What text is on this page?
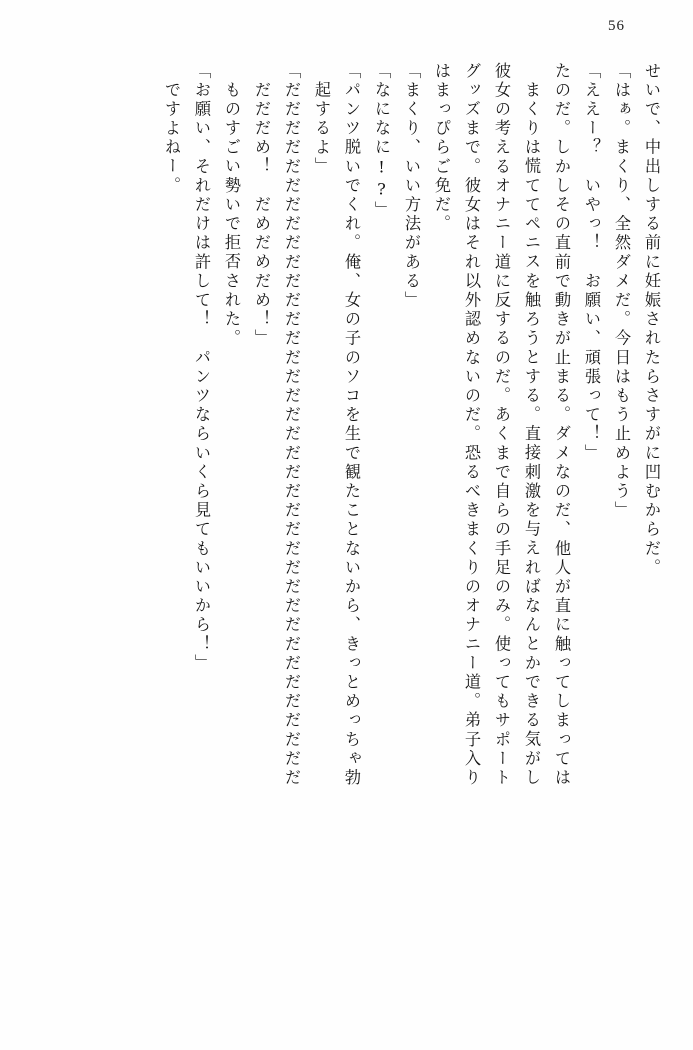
56
せいで、中出しする前に妊娠されたらさすがに凹むからだ。
「はぁ。まくり、全然ダメだ。今日はもう止めよう」
「ええー？　いやっ！　お願い、頑張って！」
たのだ。しかしその直前で動きが止まる。ダメなのだ、他人が直に触ってしまっては
まくりは慌ててペニスを触ろうとする。直接刺激を与えればなんとかできる気がし
彼女の考えるオナニー道に反するのだ。あくまで自らの手足のみ。使ってもサポート
グッズまで。彼女はそれ以外認めないのだ。恐るべきまくりのオナニー道。弟子入り
はまっぴらご免だ。
「まくり、いい方法がある」
「なになに!?」
「パンツ脱いでくれ。俺、女の子のソコを生で観たことないから、きっとめっちゃ勃
起するよ」
「だだだだだだだだだだだだだだだだだだだだだだだだだだだだだだだだだだだだだ
だだだめ！　だめだめだめ！」
ものすごい勢いで拒否された。
「お願い、それだけは許して！　パンツならいくら見てもいいから！」
ですよねー。
